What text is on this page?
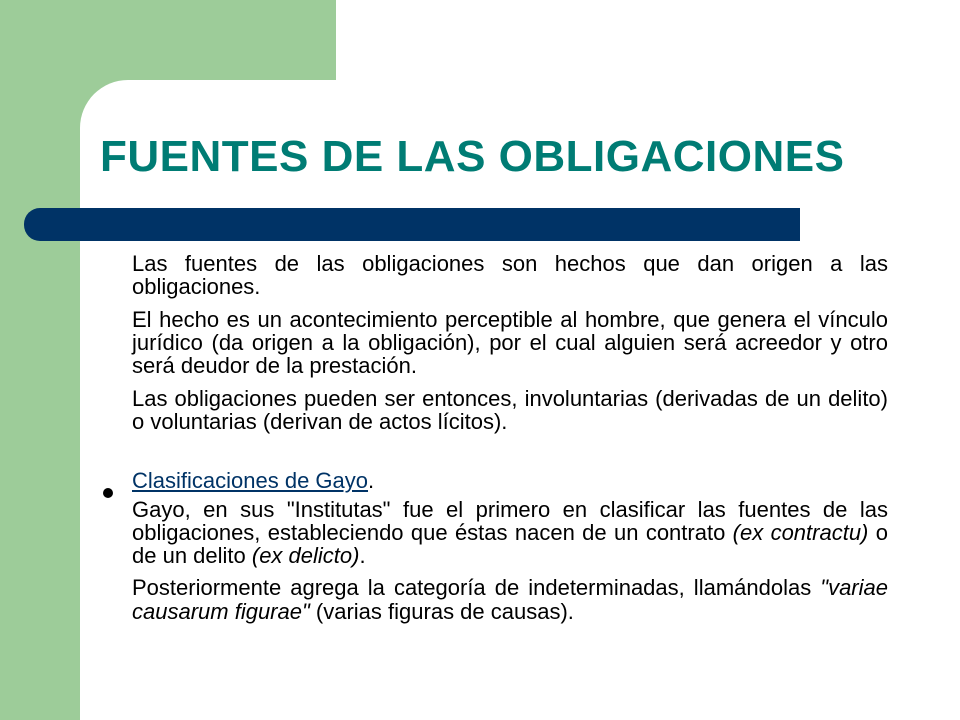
FUENTES DE LAS OBLIGACIONES

Las fuentes de las obligaciones son hechos que dan origen a las obligaciones.

El hecho es un acontecimiento perceptible al hombre, que genera el vínculo jurídico (da origen a la obligación), por el cual alguien será acreedor y otro será deudor de la prestación.

Las obligaciones pueden ser entonces, involuntarias (derivadas de un delito) o voluntarias (derivan de actos lícitos).

Clasificaciones de Gayo.

Gayo, en sus "Institutas" fue el primero en clasificar las fuentes de las obligaciones, estableciendo que éstas nacen de un contrato (ex contractu) o de un delito (ex delicto).

Posteriormente agrega la categoría de indeterminadas, llamándolas "variae causarum figurae" (varias figuras de causas).
